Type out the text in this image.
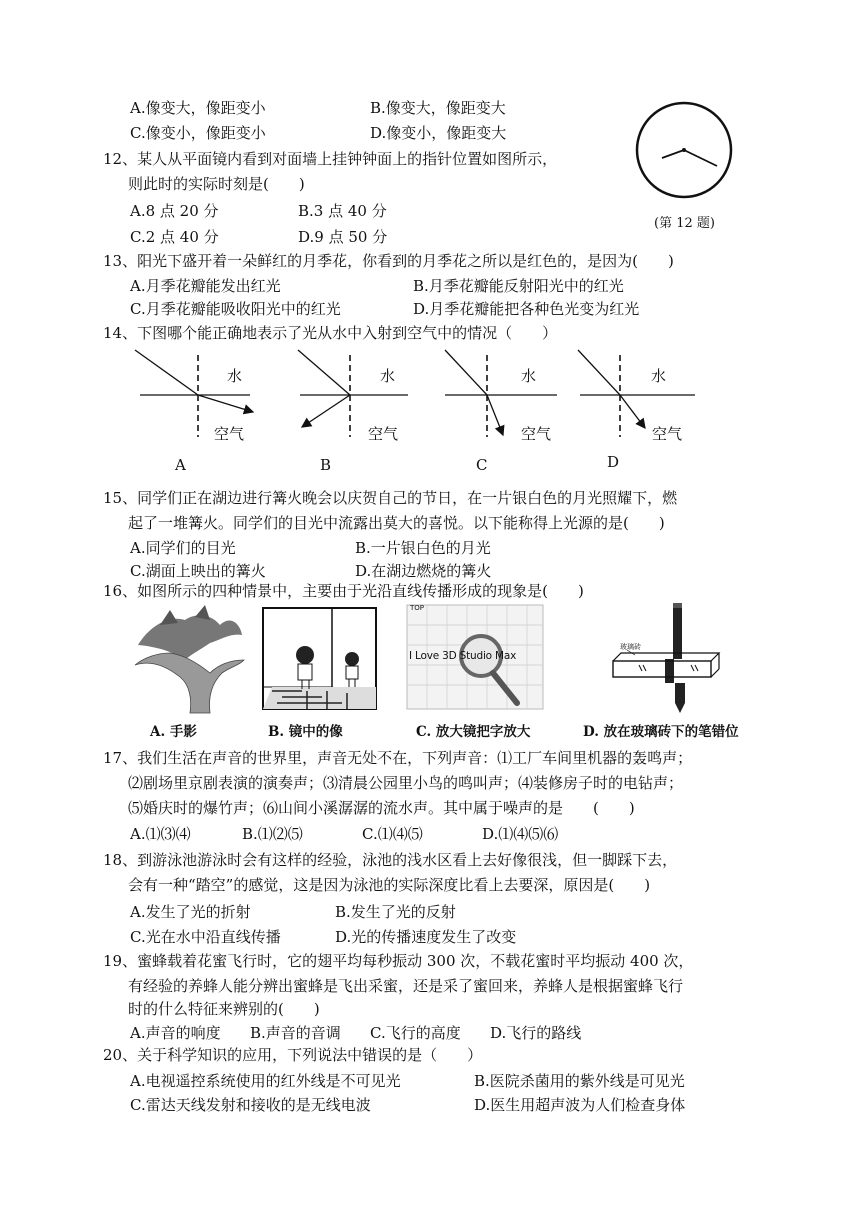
A.像变大，像距变小	B.像变大，像距变大
C.像变小，像距变小	D.像变小，像距变大
12、某人从平面镜内看到对面墙上挂钟钟面上的指针位置如图所示，
则此时的实际时刻是(　　)
A.8 点 20 分	B.3 点 40 分
C.2 点 40 分	D.9 点 50 分
(第 12 题)
13、阳光下盛开着一朵鲜红的月季花，你看到的月季花之所以是红色的，是因为(　　)
A.月季花瓣能发出红光	B.月季花瓣能反射阳光中的红光
C.月季花瓣能吸收阳光中的红光	D.月季花瓣能把各种色光变为红光
14、下图哪个能正确地表示了光从水中入射到空气中的情况（　　）
水
空气
A
水
空气
B
水
空气
C
水
空气
D
15、同学们正在湖边进行篝火晚会以庆贺自己的节日，在一片银白色的月光照耀下，燃
起了一堆篝火。同学们的目光中流露出莫大的喜悦。以下能称得上光源的是(　　)
A.同学们的目光	B.一片银白色的月光
C.湖面上映出的篝火	D.在湖边燃烧的篝火
16、如图所示的四种情景中，主要由于光沿直线传播形成的现象是(　　)
TOP
I Love 3D Studio Max
玻璃砖
A. 手影	B. 镜中的像	C. 放大镜把字放大	D. 放在玻璃砖下的笔错位
17、我们生活在声音的世界里，声音无处不在，下列声音：⑴工厂车间里机器的轰鸣声；
⑵剧场里京剧表演的演奏声；⑶清晨公园里小鸟的鸣叫声；⑷装修房子时的电钻声；
⑸婚庆时的爆竹声；⑹山间小溪潺潺的流水声。其中属于噪声的是　　(　　)
A.⑴⑶⑷	B.⑴⑵⑸	C.⑴⑷⑸	D.⑴⑷⑸⑹
18、到游泳池游泳时会有这样的经验，泳池的浅水区看上去好像很浅，但一脚踩下去，
会有一种“踏空”的感觉，这是因为泳池的实际深度比看上去要深，原因是(　　)
A.发生了光的折射	B.发生了光的反射
C.光在水中沿直线传播	D.光的传播速度发生了改变
19、蜜蜂载着花蜜飞行时，它的翅平均每秒振动 300 次，不载花蜜时平均振动 400 次，
有经验的养蜂人能分辨出蜜蜂是飞出采蜜，还是采了蜜回来，养蜂人是根据蜜蜂飞行
时的什么特征来辨别的(　　)
A.声音的响度 B.声音的音调 C.飞行的高度 D.飞行的路线
20、关于科学知识的应用，下列说法中错误的是（　　）
A.电视遥控系统使用的红外线是不可见光	B.医院杀菌用的紫外线是可见光
C.雷达天线发射和接收的是无线电波	D.医生用超声波为人们检查身体
